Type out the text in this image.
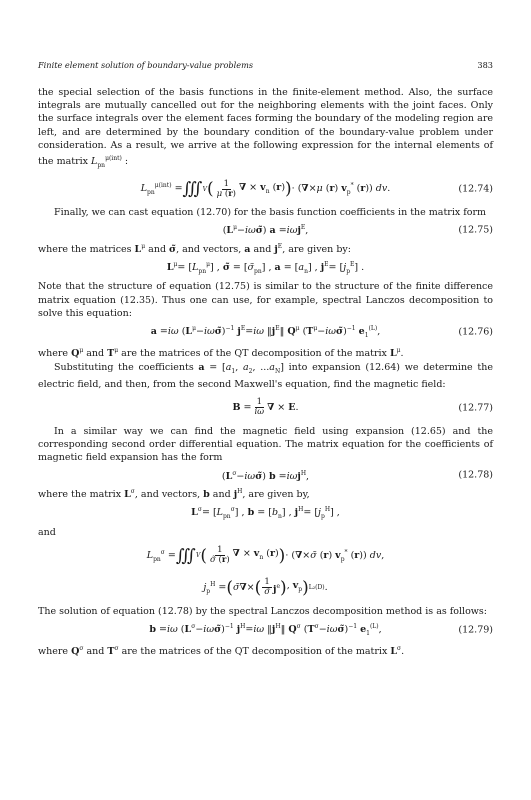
Finite element solution of boundary-value problems	383

the special selection of the basis functions in the finite-element method. Also, the surface integrals are mutually cancelled out for the neighboring elements with the joint faces. Only the surface integrals over the element faces forming the boundary of the modeling region are left, and are determined by the boundary condition of the boundary-value problem under consideration. As a result, we arrive at the following expression for the internal elements of the matrix $L_{pn}^{\mu(int)}$ :

$L_{pn}^{\mu(int)}$ = ∭ V ( $\frac{1}{\mu (r)}$ ∇ × $v_n$ (r) ) · (∇×μ (r) $v_p^*$ (r)) dv.	(12.74)

Finally, we can cast equation (12.70) for the basis function coefficients in the matrix form

$(L^\mu-i\omega\sigmã)$ a =iωj$^E$,	(12.75)

where the matrices $L^\mu$ and σ̃, and vectors, a and $j^E$, are given by:

$L^\mu= [L_{pn}^\mu]$ , σ̃ = $[\sigmã_{pn}]$ , $a = [a_n]$ , $j^E= [j_p^E]$ .

Note that the structure of equation (12.75) is similar to the structure of the finite difference matrix equation (12.35). Thus one can use, for example, spectral Lanczos decomposition to solve this equation:

a =iω $(L^\mu-i\omega\sigmã)^{-1}$ $j^E=i\omega$ $‖j^E‖$ $Q^\mu$ $(T^\mu-i\omega\sigmã)^{-1}$ $e_1^{(L)}$,	(12.76)

where $Q^\mu$ and $T^\mu$ are the matrices of the QT decomposition of the matrix $L^\mu$.

Substituting the coefficients $a = [a_1$, $a_2$, $...a_N$] into expansion (12.64) we determine the electric field, and then, from the second Maxwell's equation, find the magnetic field:

$B = \frac{1}{i\omega}$ ∇ × E.	(12.77)

In a similar way we can find the magnetic field using expansion (12.65) and the corresponding second order differential equation. The matrix equation for the coefficients of magnetic field expansion has the form

$(L^\sigma-i\omega\sigmã)$ b =iωj$^H$,	(12.78)

where the matrix $L^\sigma$, and vectors, b and $j^H$, are given by,

$L^\sigma= [L_{pn}^\sigma]$ , $b = [b_n]$ , $j^H= [j_p^H]$ ,

and

$L_{pn}^\sigma$ = ∭ V ( $\frac{1}{\sigmã (r)}$ ∇ × $v_n$ (r) ) · (∇×σ̃ (r) $v_p^*$ (r)) dv,
$j_p^H$ = ( σ̃∇× ( $\frac{1}{\sigmã} j^e$ ) , $v_p$ ) L₂(D) .

The solution of equation (12.78) by the spectral Lanczos decomposition method is as follows:

b =iω $(L^\sigma-i\omega\sigmã)^{-1}$ $j^H=i\omega$ $‖j^H‖$ $Q^\sigma$ $(T^\sigma-i\omega\sigmã)^{-1}$ $e_1^{(L)}$,	(12.79)

where $Q^\sigma$ and $T^\sigma$ are the matrices of the QT decomposition of the matrix $L^\sigma$.
